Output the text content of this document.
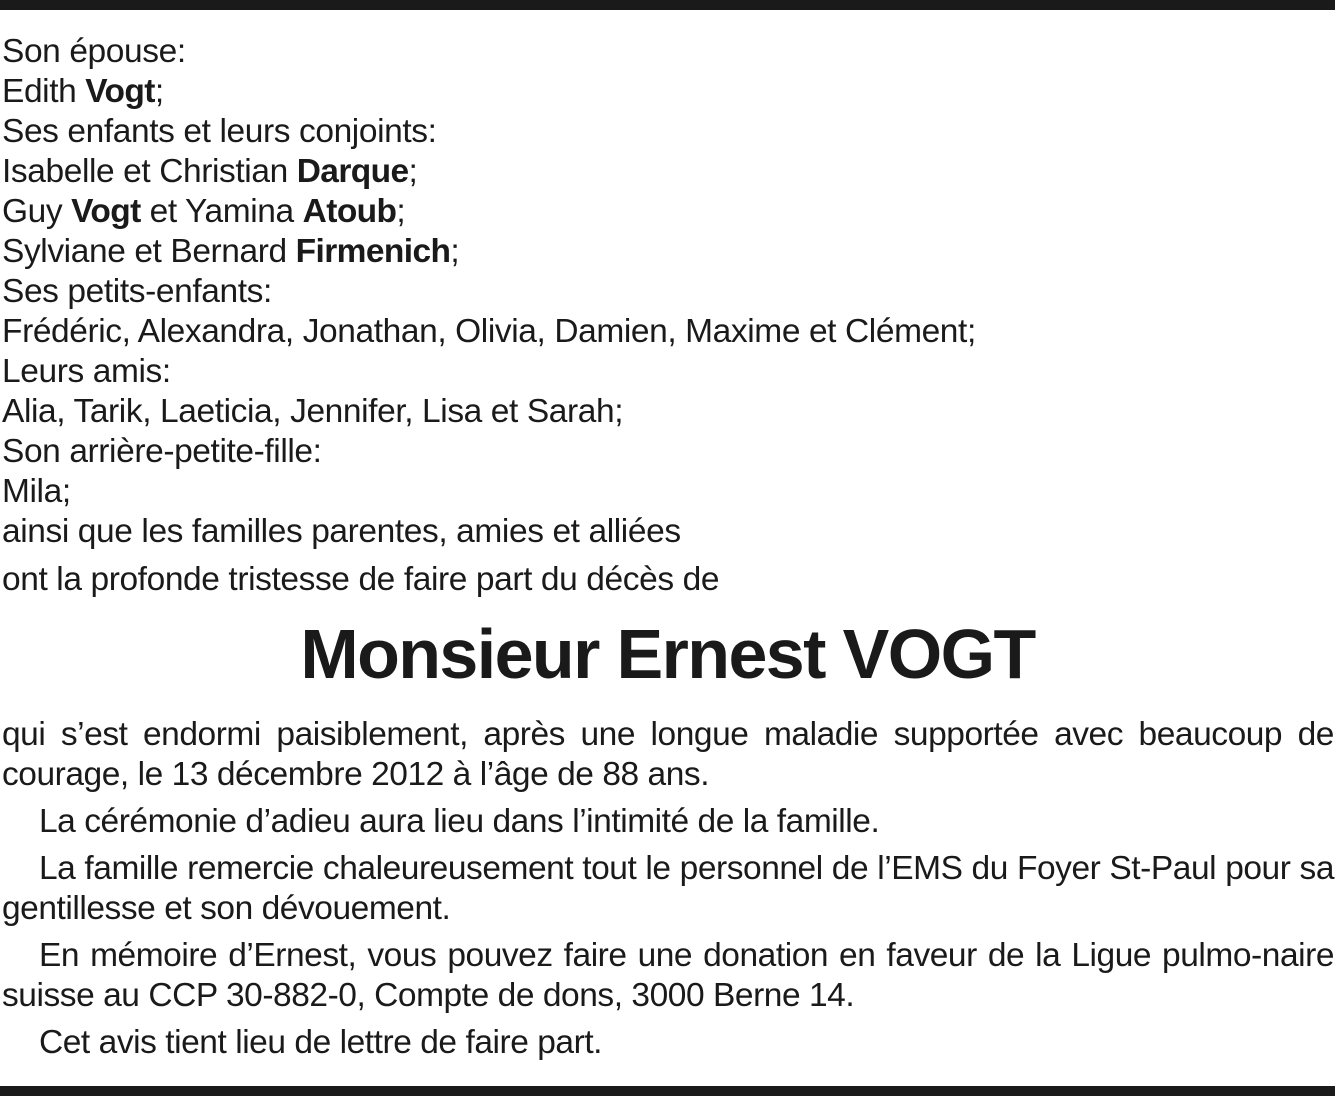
Son épouse:
Edith Vogt;
Ses enfants et leurs conjoints:
Isabelle et Christian Darque;
Guy Vogt et Yamina Atoub;
Sylviane et Bernard Firmenich;
Ses petits-enfants:
Frédéric, Alexandra, Jonathan, Olivia, Damien, Maxime et Clément;
Leurs amis:
Alia, Tarik, Laeticia, Jennifer, Lisa et Sarah;
Son arrière-petite-fille:
Mila;
ainsi que les familles parentes, amies et alliées
ont la profonde tristesse de faire part du décès de
Monsieur Ernest VOGT

qui s’est endormi paisiblement, après une longue maladie supportée avec beaucoup de courage, le 13 décembre 2012 à l’âge de 88 ans.

La cérémonie d’adieu aura lieu dans l’intimité de la famille.

La famille remercie chaleureusement tout le personnel de l’EMS du Foyer St-Paul pour sa gentillesse et son dévouement.

En mémoire d’Ernest, vous pouvez faire une donation en faveur de la Ligue pulmo-naire suisse au CCP 30-882-0, Compte de dons, 3000 Berne 14.

Cet avis tient lieu de lettre de faire part.
